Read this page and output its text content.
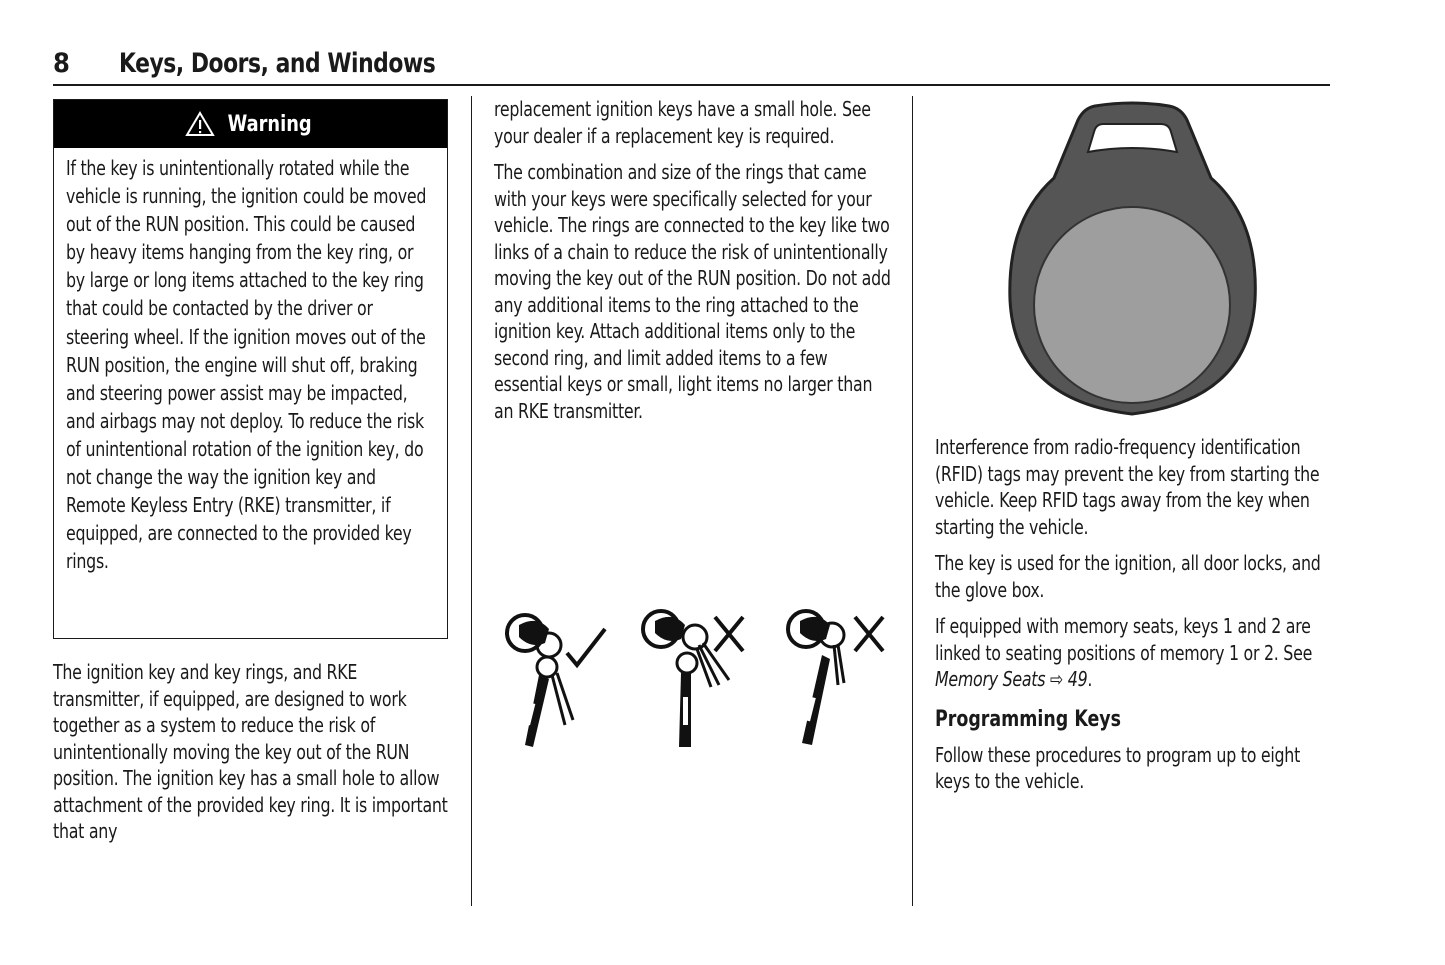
8 Keys, Doors, and Windows
Warning

If the key is unintentionally rotated while the vehicle is running, the ignition could be moved out of the RUN position. This could be caused by heavy items hanging from the key ring, or by large or long items attached to the key ring that could be contacted by the driver or steering wheel. If the ignition moves out of the RUN position, the engine will shut off, braking and steering power assist may be impacted, and airbags may not deploy. To reduce the risk of unintentional rotation of the ignition key, do not change the way the ignition key and Remote Keyless Entry (RKE) transmitter, if equipped, are connected to the provided key rings.

The ignition key and key rings, and RKE transmitter, if equipped, are designed to work together as a system to reduce the risk of unintentionally moving the key out of the RUN position. The ignition key has a small hole to allow attachment of the provided key ring. It is important that any

replacement ignition keys have a small hole. See your dealer if a replacement key is required.

The combination and size of the rings that came with your keys were specifically selected for your vehicle. The rings are connected to the key like two links of a chain to reduce the risk of unintentionally moving the key out of the RUN position. Do not add any additional items to the ring attached to the ignition key. Attach additional items only to the second ring, and limit added items to a few essential keys or small, light items no larger than an RKE transmitter.

Interference from radio-frequency identification (RFID) tags may prevent the key from starting the vehicle. Keep RFID tags away from the key when starting the vehicle.

The key is used for the ignition, all door locks, and the glove box.

If equipped with memory seats, keys 1 and 2 are linked to seating positions of memory 1 or 2. See Memory Seats ⇨ 49.

Programming Keys

Follow these procedures to program up to eight keys to the vehicle.
